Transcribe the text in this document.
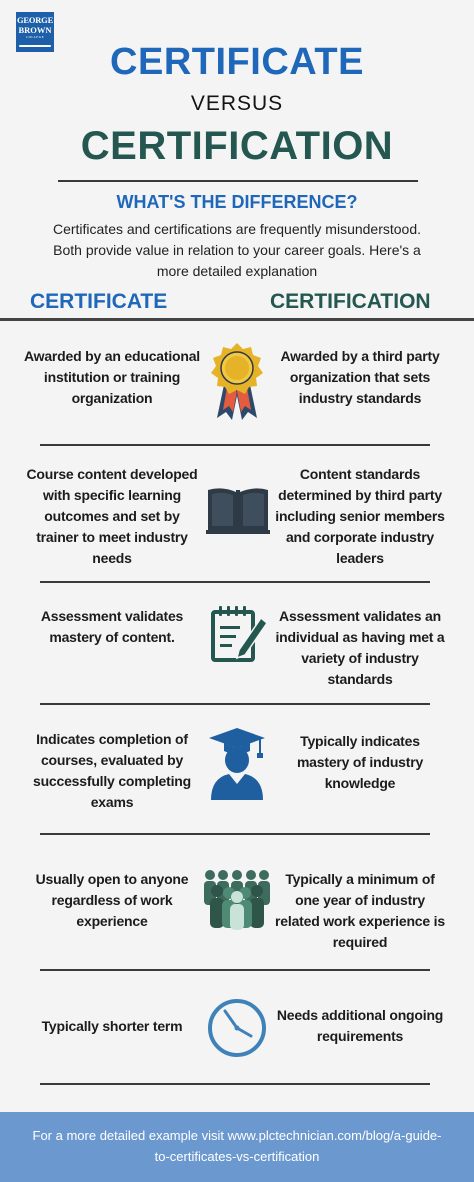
GEORGE
BROWN
COLLEGE
CERTIFICATE
VERSUS
CERTIFICATION
WHAT'S THE DIFFERENCE?
Certificates and certifications are frequently misunderstood. Both provide value in relation to your career goals. Here's a more detailed explanation
CERTIFICATE	CERTIFICATION
Awarded by an educational institution or training organization
Awarded by a third party organization that sets industry standards
Course content developed with specific learning outcomes and set by trainer to meet industry needs
Content standards determined by third party including senior members and corporate industry leaders
Assessment validates mastery of content.
Assessment validates an individual as having met a variety of industry standards
Indicates completion of courses, evaluated by successfully completing exams
Typically indicates mastery of industry knowledge
Usually open to anyone regardless of work experience
Typically a minimum of one year of industry related work experience is required
Typically shorter term
Needs additional ongoing requirements
For a more detailed example visit www.plctechnician.com/blog/a-guide-to-certificates-vs-certification
